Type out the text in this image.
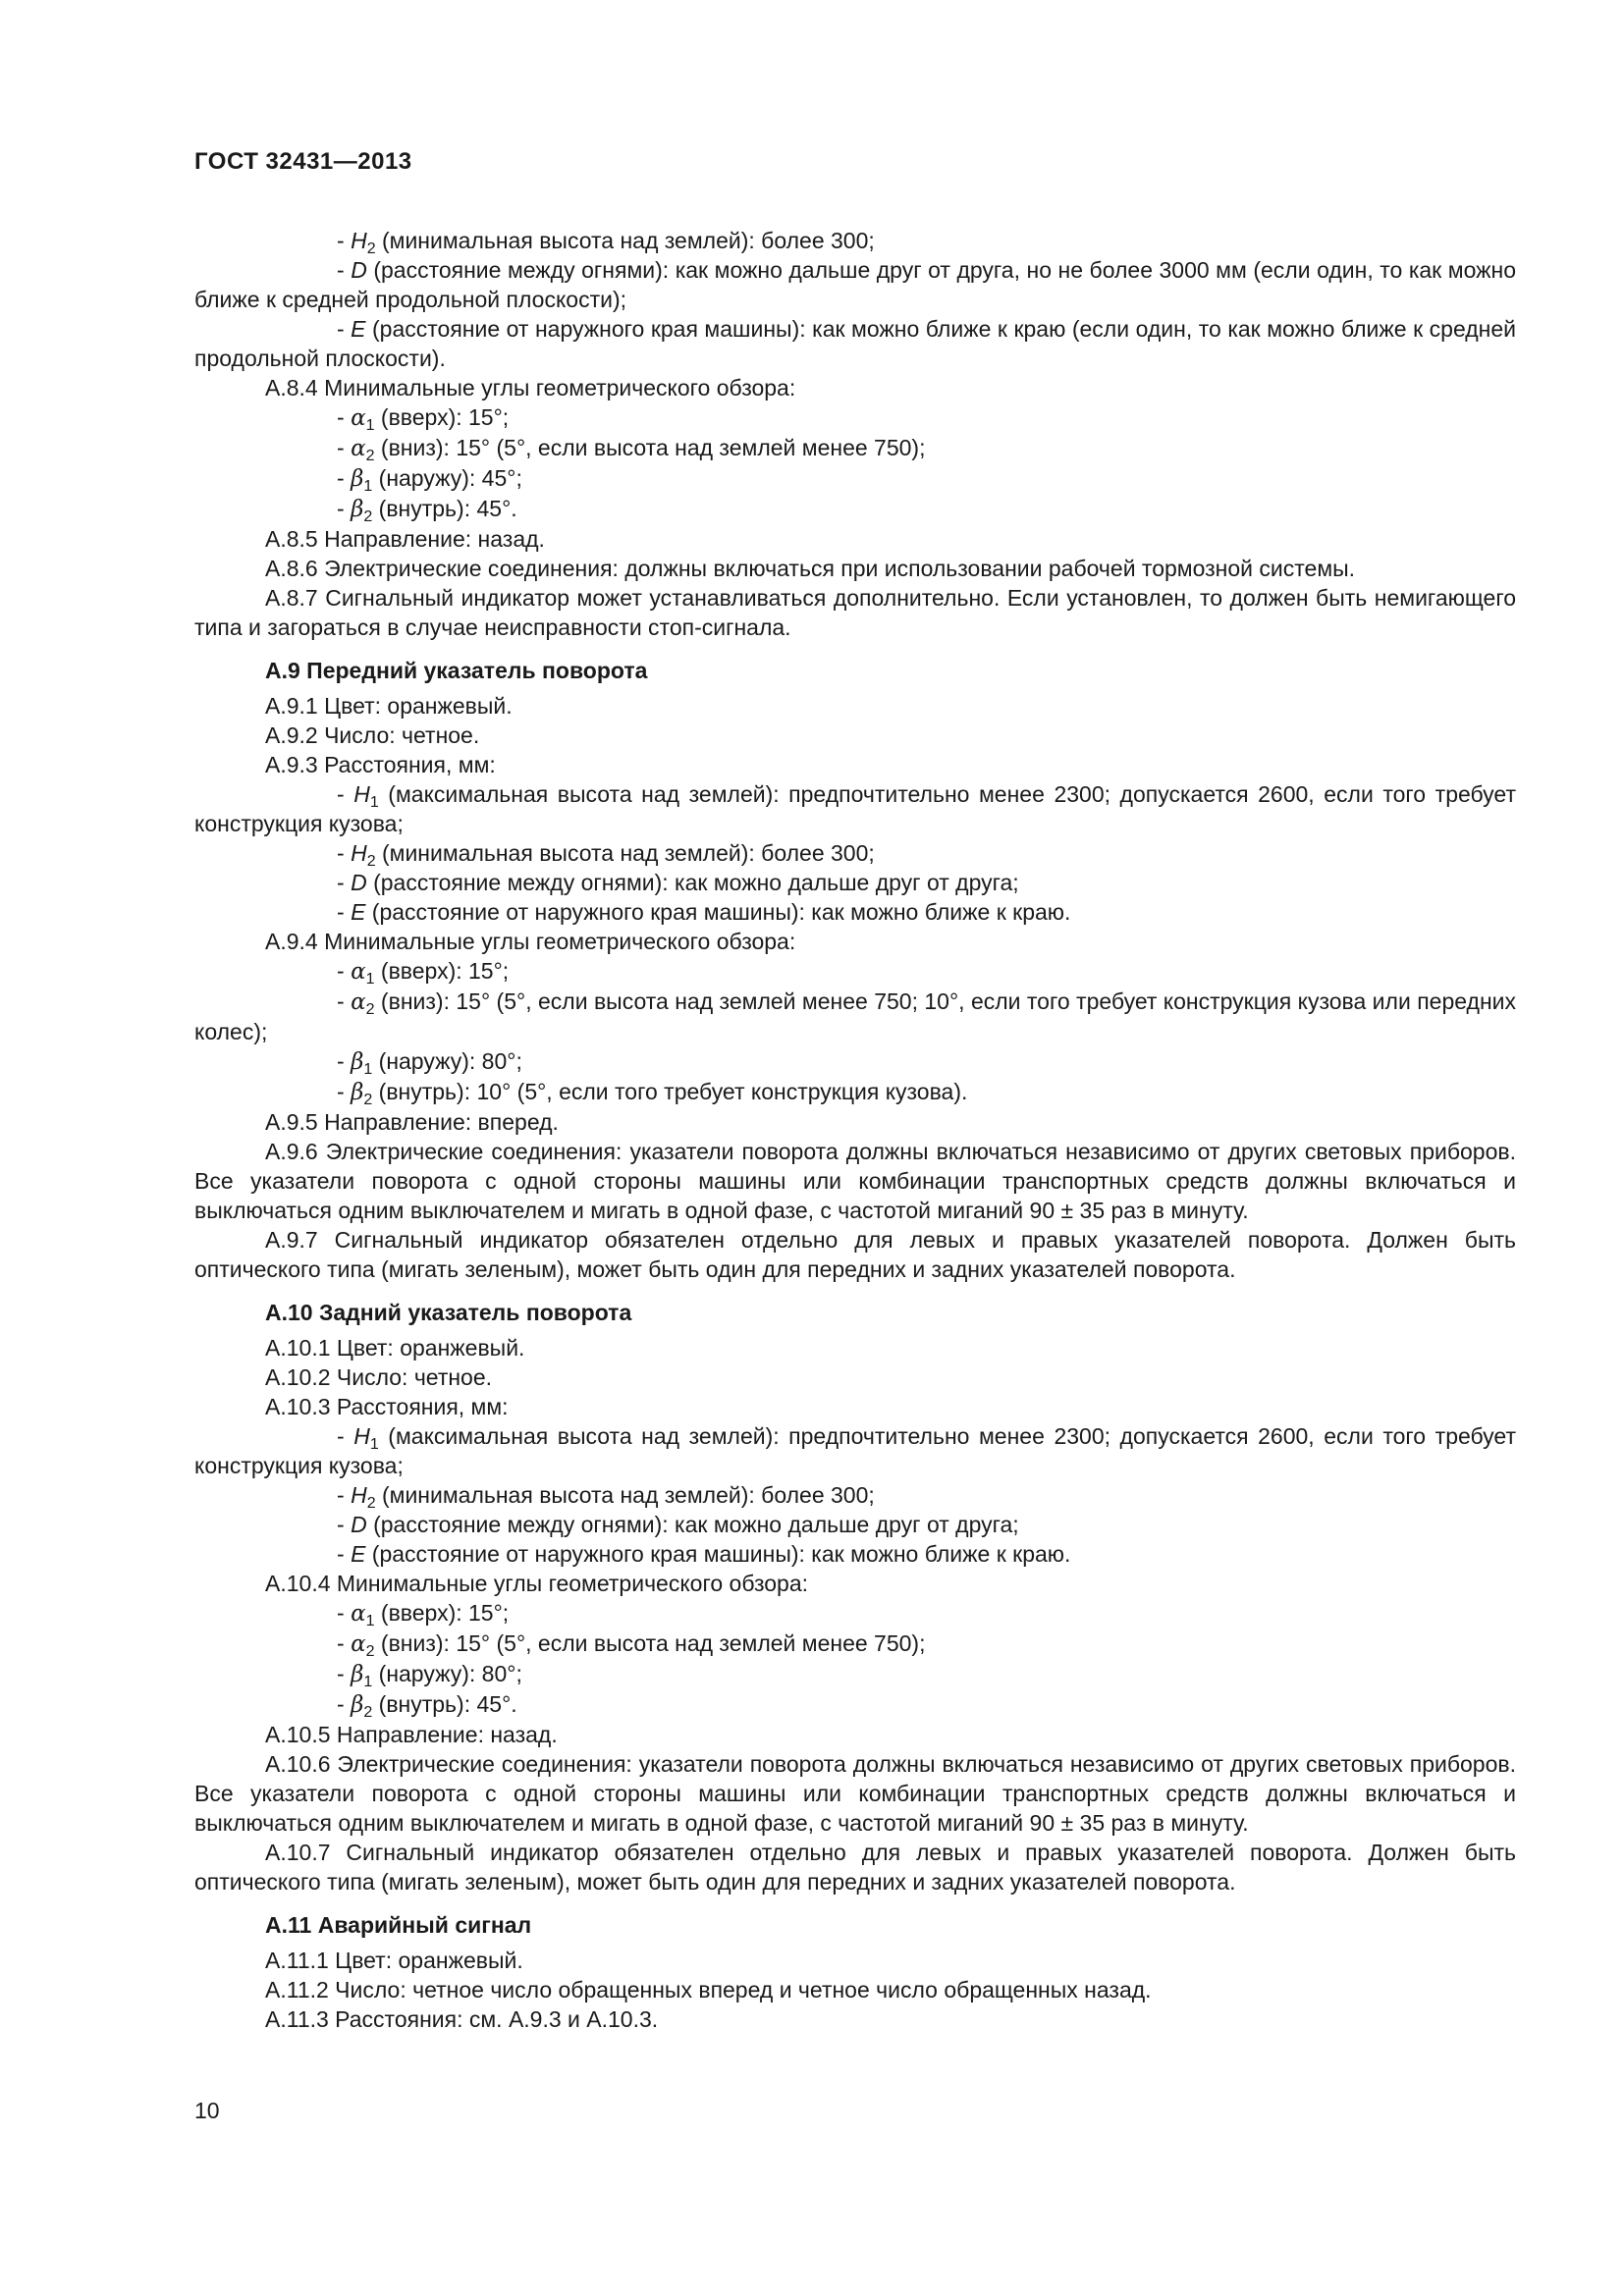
ГОСТ 32431—2013

- $H_2$ (минимальная высота над землей): более 300;

- D (расстояние между огнями): как можно дальше друг от друга, но не более 3000 мм (если один, то как можно ближе к средней продольной плоскости);

- E (расстояние от наружного края машины): как можно ближе к краю (если один, то как можно ближе к средней продольной плоскости).

А.8.4 Минимальные углы геометрического обзора:

- $\alpha_1$ (вверх): 15°;

- $\alpha_2$ (вниз): 15° (5°, если высота над землей менее 750);

- $\beta_1$ (наружу): 45°;

- $\beta_2$ (внутрь): 45°.

А.8.5 Направление: назад.

А.8.6 Электрические соединения: должны включаться при использовании рабочей тормозной системы.

А.8.7 Сигнальный индикатор может устанавливаться дополнительно. Если установлен, то должен быть немигающего типа и загораться в случае неисправности стоп-сигнала.

А.9 Передний указатель поворота

А.9.1 Цвет: оранжевый.

А.9.2 Число: четное.

А.9.3 Расстояния, мм:

- $H_1$ (максимальная высота над землей): предпочтительно менее 2300; допускается 2600, если того требует конструкция кузова;

- $H_2$ (минимальная высота над землей): более 300;

- D (расстояние между огнями): как можно дальше друг от друга;

- E (расстояние от наружного края машины): как можно ближе к краю.

А.9.4 Минимальные углы геометрического обзора:

- $\alpha_1$ (вверх): 15°;

- $\alpha_2$ (вниз): 15° (5°, если высота над землей менее 750; 10°, если того требует конструкция кузова или передних колес);

- $\beta_1$ (наружу): 80°;

- $\beta_2$ (внутрь): 10° (5°, если того требует конструкция кузова).

А.9.5 Направление: вперед.

А.9.6 Электрические соединения: указатели поворота должны включаться независимо от других световых приборов. Все указатели поворота с одной стороны машины или комбинации транспортных средств должны включаться и выключаться одним выключателем и мигать в одной фазе, с частотой миганий 90 ± 35 раз в минуту.

А.9.7 Сигнальный индикатор обязателен отдельно для левых и правых указателей поворота. Должен быть оптического типа (мигать зеленым), может быть один для передних и задних указателей поворота.

А.10 Задний указатель поворота

А.10.1 Цвет: оранжевый.

А.10.2 Число: четное.

А.10.3 Расстояния, мм:

- $H_1$ (максимальная высота над землей): предпочтительно менее 2300; допускается 2600, если того требует конструкция кузова;

- $H_2$ (минимальная высота над землей): более 300;

- D (расстояние между огнями): как можно дальше друг от друга;

- E (расстояние от наружного края машины): как можно ближе к краю.

А.10.4 Минимальные углы геометрического обзора:

- $\alpha_1$ (вверх): 15°;

- $\alpha_2$ (вниз): 15° (5°, если высота над землей менее 750);

- $\beta_1$ (наружу): 80°;

- $\beta_2$ (внутрь): 45°.

А.10.5 Направление: назад.

А.10.6 Электрические соединения: указатели поворота должны включаться независимо от других световых приборов. Все указатели поворота с одной стороны машины или комбинации транспортных средств должны включаться и выключаться одним выключателем и мигать в одной фазе, с частотой миганий 90 ± 35 раз в минуту.

А.10.7 Сигнальный индикатор обязателен отдельно для левых и правых указателей поворота. Должен быть оптического типа (мигать зеленым), может быть один для передних и задних указателей поворота.

А.11 Аварийный сигнал

А.11.1 Цвет: оранжевый.

А.11.2 Число: четное число обращенных вперед и четное число обращенных назад.

А.11.3 Расстояния: см. А.9.3 и А.10.3.

10
